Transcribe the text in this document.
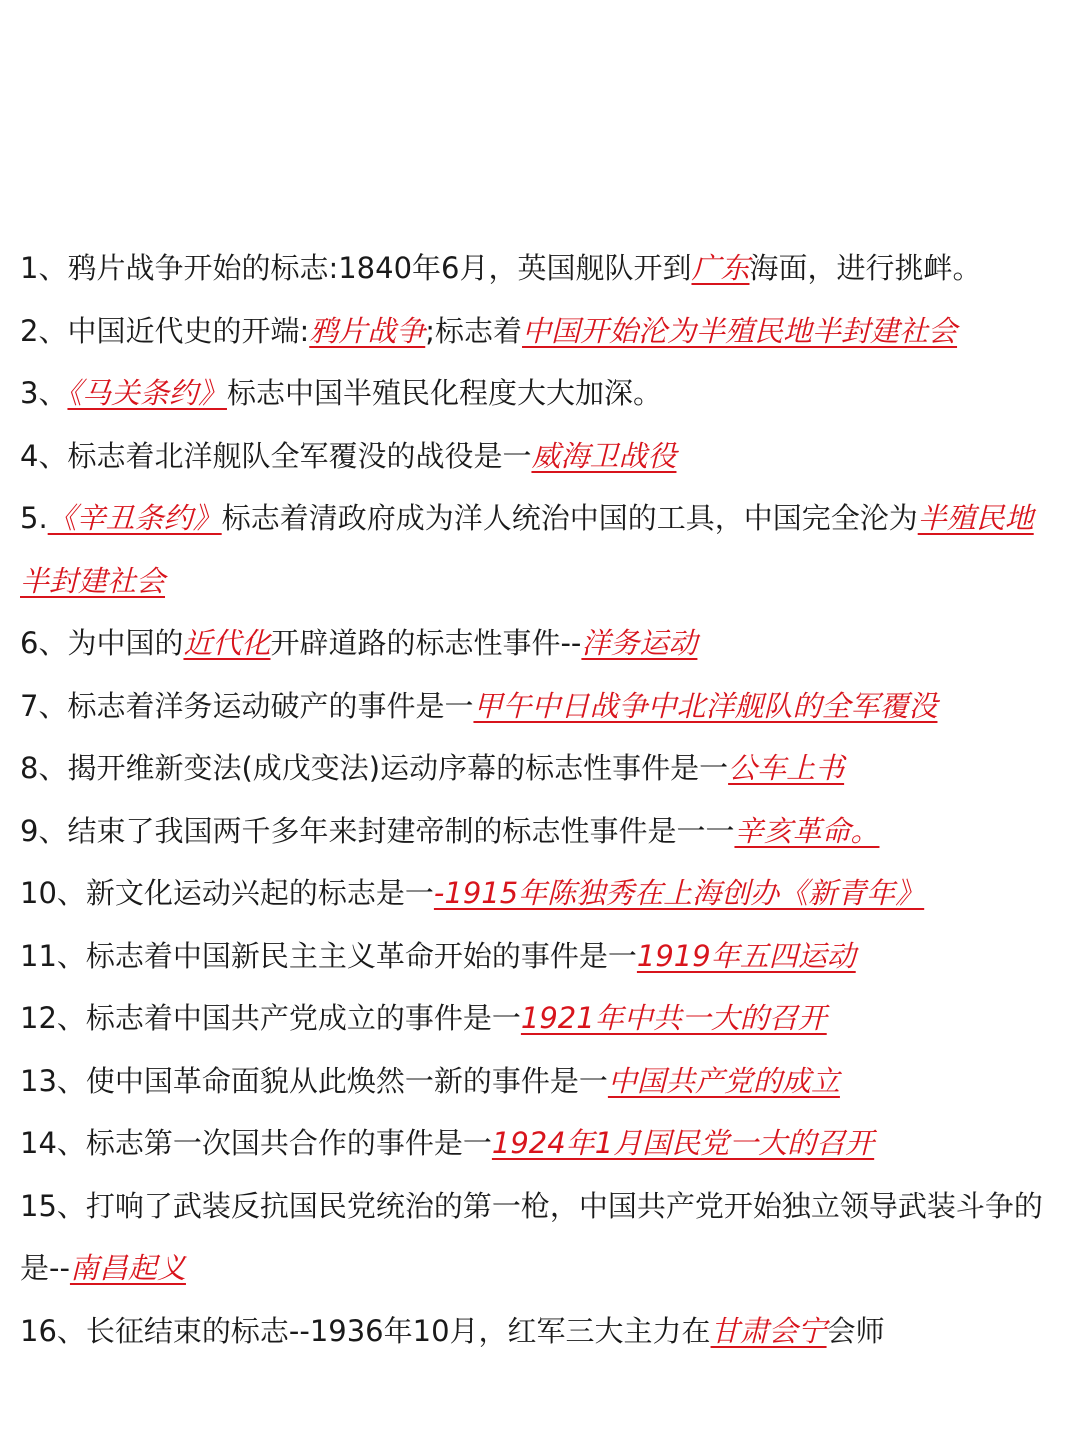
1、鸦片战争开始的标志:1840年6月，英国舰队开到广东海面，进行挑衅。
2、中国近代史的开端:鸦片战争;标志着中国开始沦为半殖民地半封建社会
3、《马关条约》标志中国半殖民化程度大大加深。
4、标志着北洋舰队全军覆没的战役是一威海卫战役
5.《辛丑条约》标志着清政府成为洋人统治中国的工具，中国完全沦为半殖民地半封建社会
6、为中国的近代化开辟道路的标志性事件--洋务运动
7、标志着洋务运动破产的事件是一甲午中日战争中北洋舰队的全军覆没
8、揭开维新变法(成戊变法)运动序幕的标志性事件是一公车上书
9、结束了我国两千多年来封建帝制的标志性事件是一一辛亥革命。
10、新文化运动兴起的标志是一-1915年陈独秀在上海创办《新青年》
11、标志着中国新民主主义革命开始的事件是一1919年五四运动
12、标志着中国共产党成立的事件是一1921年中共一大的召开
13、使中国革命面貌从此焕然一新的事件是一中国共产党的成立
14、标志第一次国共合作的事件是一1924年1月国民党一大的召开
15、打响了武装反抗国民党统治的第一枪，中国共产党开始独立领导武装斗争的是--南昌起义
16、长征结束的标志--1936年10月，红军三大主力在甘肃会宁会师
